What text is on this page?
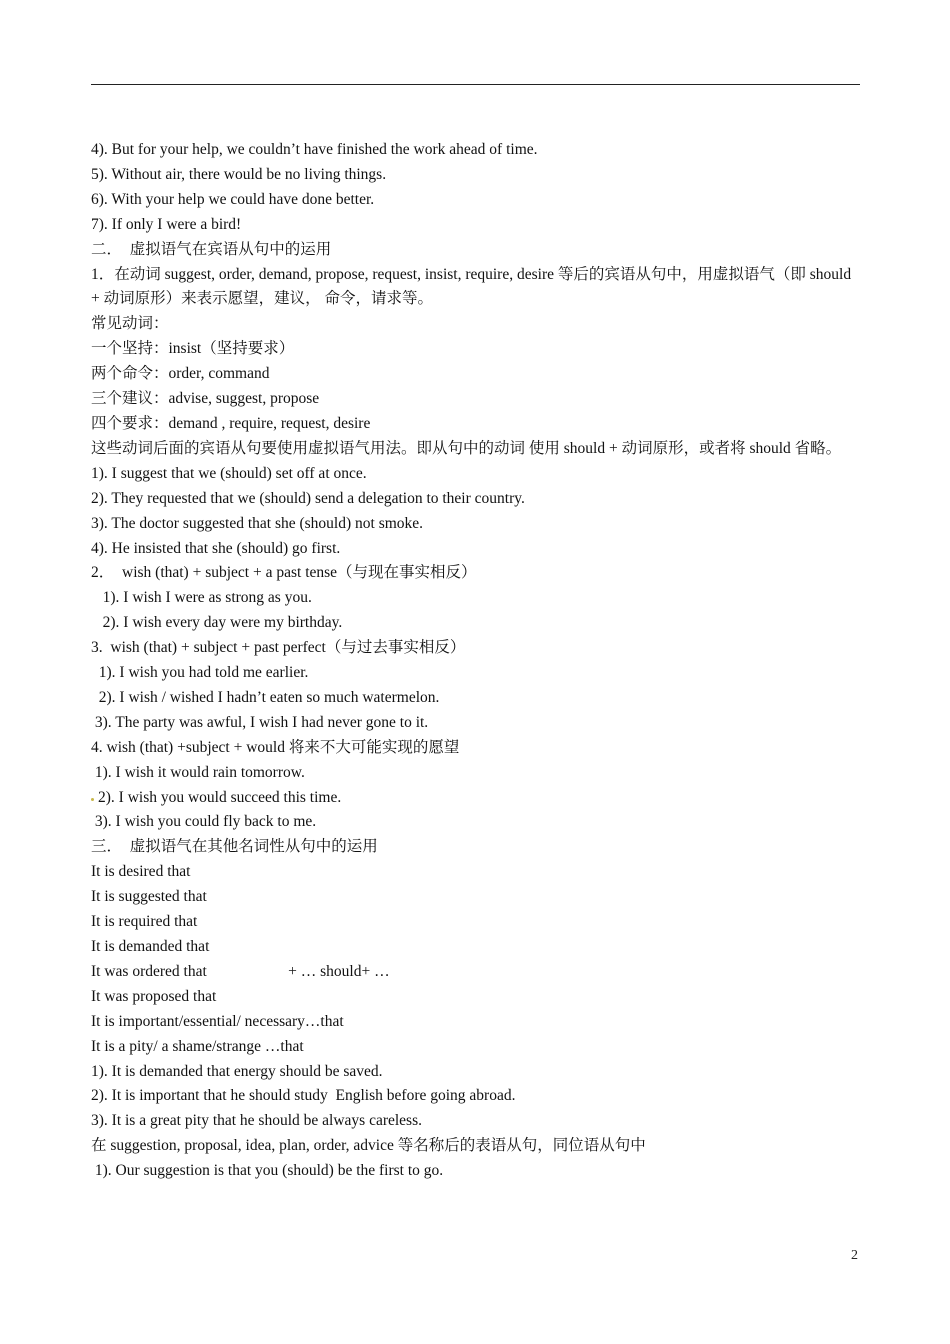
4). But for your help, we couldn’t have finished the work ahead of time.
5). Without air, there would be no living things.
6). With your help we could have done better.
7). If only I were a bird!
二．  虚拟语气在宾语从句中的运用
1．在动词 suggest, order, demand, propose, request, insist, require, desire 等后的宾语从句中，用虚拟语气（即 should + 动词原形）来表示愿望，建议， 命令，请求等。
常见动词：
一个坚持：insist（坚持要求）
两个命令：order, command
三个建议：advise, suggest, propose
四个要求：demand , require, request, desire
这些动词后面的宾语从句要使用虚拟语气用法。即从句中的动词 使用 should + 动词原形，或者将 should 省略。
1). I suggest that we (should) set off at once.
2). They requested that we (should) send a delegation to their country.
3). The doctor suggested that she (should) not smoke.
4). He insisted that she (should) go first.
2．  wish (that) + subject + a past tense（与现在事实相反）
1). I wish I were as strong as you.
2). I wish every day were my birthday.
3.  wish (that) + subject + past perfect（与过去事实相反）
1). I wish you had told me earlier.
2). I wish / wished I hadn’t eaten so much watermelon.
3). The party was awful, I wish I had never gone to it.
4. wish (that) +subject + would 将来不大可能实现的愿望
1). I wish it would rain tomorrow.
2). I wish you would succeed this time.
3). I wish you could fly back to me.
三．  虚拟语气在其他名词性从句中的运用
It is desired that
It is suggested that
It is required that
It is demanded that
It was ordered that                     + … should+ …
It was proposed that
It is important/essential/ necessary…that
It is a pity/ a shame/strange …that
1). It is demanded that energy should be saved.
2). It is important that he should study  English before going abroad.
3). It is a great pity that he should be always careless.
在 suggestion, proposal, idea, plan, order, advice 等名称后的表语从句，同位语从句中
1). Our suggestion is that you (should) be the first to go.
2
